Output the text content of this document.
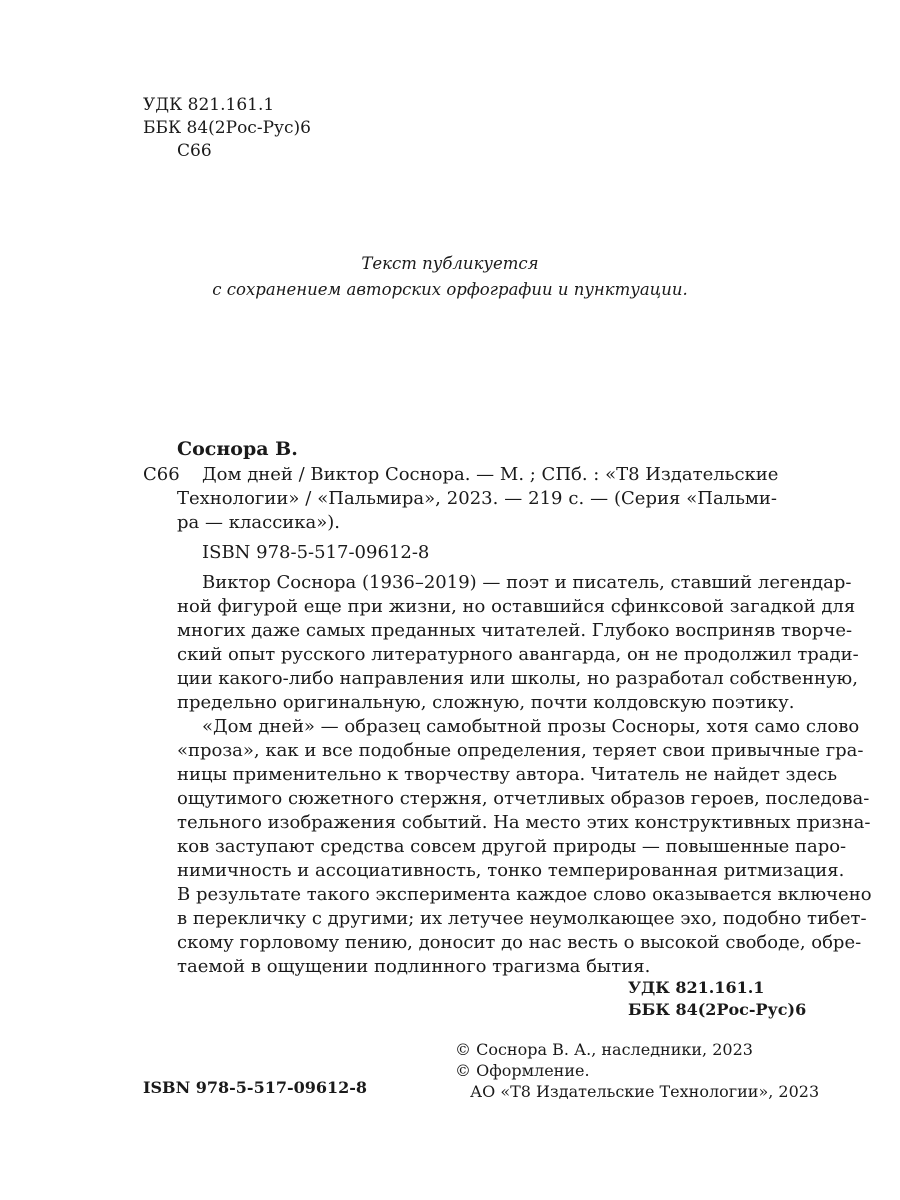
УДК 821.161.1
ББК 84(2Рос-Рус)6
С66
Текст публикуется
с сохранением авторских орфографии и пунктуации.
Соснора В.
С66 Дом дней / Виктор Соснора. — М. ; СПб. : «Т8 Издательские
Технологии» / «Пальмира», 2023. — 219 с. — (Серия «Пальми-
ра — классика»).
ISBN 978-5-517-09612-8
Виктор Соснора (1936–2019) — поэт и писатель, ставший легендар-
ной фигурой еще при жизни, но оставшийся сфинксовой загадкой для
многих даже самых преданных читателей. Глубоко восприняв творче-
ский опыт русского литературного авангарда, он не продолжил тради-
ции какого-либо направления или школы, но разработал собственную,
предельно оригинальную, сложную, почти колдовскую поэтику.
«Дом дней» — образец самобытной прозы Сосноры, хотя само слово
«проза», как и все подобные определения, теряет свои привычные гра-
ницы применительно к творчеству автора. Читатель не найдет здесь
ощутимого сюжетного стержня, отчетливых образов героев, последова-
тельного изображения событий. На место этих конструктивных призна-
ков заступают средства совсем другой природы — повышенные паро-
нимичность и ассоциативность, тонко темперированная ритмизация.
В результате такого эксперимента каждое слово оказывается включено
в перекличку с другими; их летучее неумолкающее эхо, подобно тибет-
скому горловому пению, доносит до нас весть о высокой свободе, обре-
таемой в ощущении подлинного трагизма бытия.
УДК 821.161.1
ББК 84(2Рос-Рус)6
ISBN 978-5-517-09612-8
© Соснора В. А., наследники, 2023
© Оформление.
АО «Т8 Издательские Технологии», 2023
